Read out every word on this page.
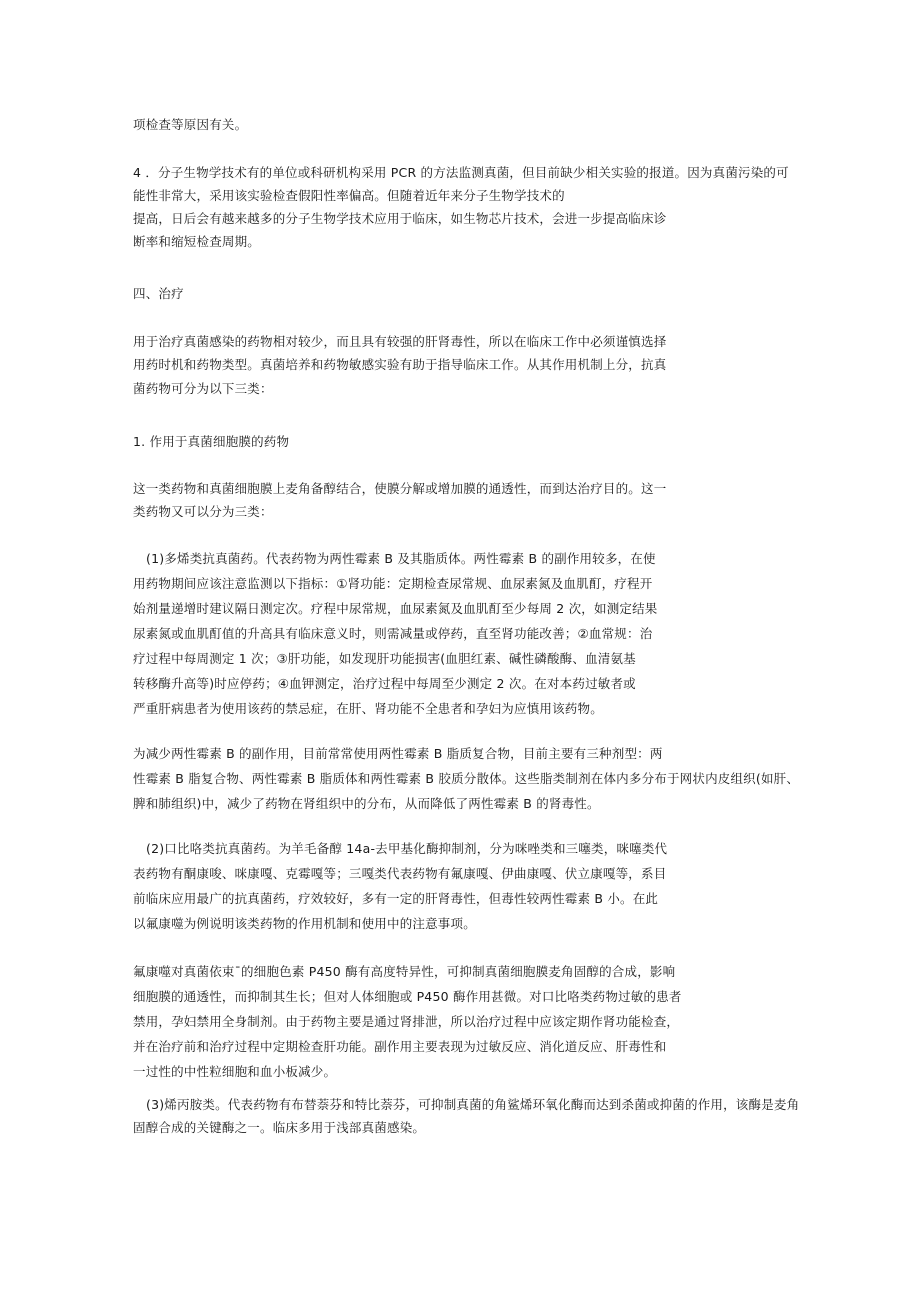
项检查等原因有关。
4 ．分子生物学技术有的单位或科研机构采用 PCR 的方法监测真菌，但目前缺少相关实验的报道。因为真菌污染的可
能性非常大，采用该实验检查假阳性率偏高。但随着近年来分子生物学技术的
提高，日后会有越来越多的分子生物学技术应用于临床，如生物芯片技术，会进一步提高临床诊
断率和缩短检查周期。
四、治疗
用于治疗真菌感染的药物相对较少，而且具有较强的肝肾毒性，所以在临床工作中必须谨慎选择
用药时机和药物类型。真菌培养和药物敏感实验有助于指导临床工作。从其作用机制上分，抗真
菌药物可分为以下三类：
1. 作用于真菌细胞膜的药物
这一类药物和真菌细胞膜上麦角备醇结合，使膜分解或增加膜的通透性，而到达治疗目的。这一
类药物又可以分为三类：
(1)多烯类抗真菌药。代表药物为两性霉素 B 及其脂质体。两性霉素 B 的副作用较多，在使
用药物期间应该注意监测以下指标：①肾功能：定期检查尿常规、血尿素氮及血肌酊，疗程开
始剂量递增时建议隔日测定次。疗程中尿常规，血尿素氮及血肌酊至少每周 2 次，如测定结果
尿素氮或血肌酊值的升高具有临床意义时，则需减量或停药，直至肾功能改善；②血常规：治
疗过程中每周测定 1 次；③肝功能，如发现肝功能损害(血胆红素、碱性磷酸酶、血清氨基
转移酶升高等)时应停药；④血钾测定，治疗过程中每周至少测定 2 次。在对本药过敏者或
严重肝病患者为使用该药的禁忌症，在肝、肾功能不全患者和孕妇为应慎用该药物。
为减少两性霉素 B 的副作用，目前常常使用两性霉素 B 脂质复合物，目前主要有三种剂型：两
性霉素 B 脂复合物、两性霉素 B 脂质体和两性霉素 B 胶质分散体。这些脂类制剂在体内多分布于网状内皮组织(如肝、
脾和肺组织)中，减少了药物在肾组织中的分布，从而降低了两性霉素 B 的肾毒性。
(2)口比咯类抗真菌药。为羊毛备醇 14a-去甲基化酶抑制剂，分为咪唑类和三噻类，咪噻类代
表药物有酮康唆、咪康嘎、克霉嘎等；三嘎类代表药物有氟康嘎、伊曲康嘎、伏立康嘎等，系目
前临床应用最广的抗真菌药，疗效较好，多有一定的肝肾毒性，但毒性较两性霉素 B 小。在此
以氟康噬为例说明该类药物的作用机制和使用中的注意事项。
氟康噬对真菌依束¯的细胞色素 P450 酶有高度特异性，可抑制真菌细胞膜麦角固醇的合成，影响
细胞膜的通透性，而抑制其生长；但对人体细胞或 P450 酶作用甚微。对口比咯类药物过敏的患者
禁用，孕妇禁用全身制剂。由于药物主要是通过肾排泄，所以治疗过程中应该定期作肾功能检查，
并在治疗前和治疗过程中定期检查肝功能。副作用主要表现为过敏反应、消化道反应、肝毒性和
一过性的中性粒细胞和血小板减少。
(3)烯丙胺类。代表药物有布替萘芬和特比萘芬，可抑制真菌的角鲨烯环氧化酶而达到杀菌或抑菌的作用，该酶是麦角
固醇合成的关键酶之一。临床多用于浅部真菌感染。
